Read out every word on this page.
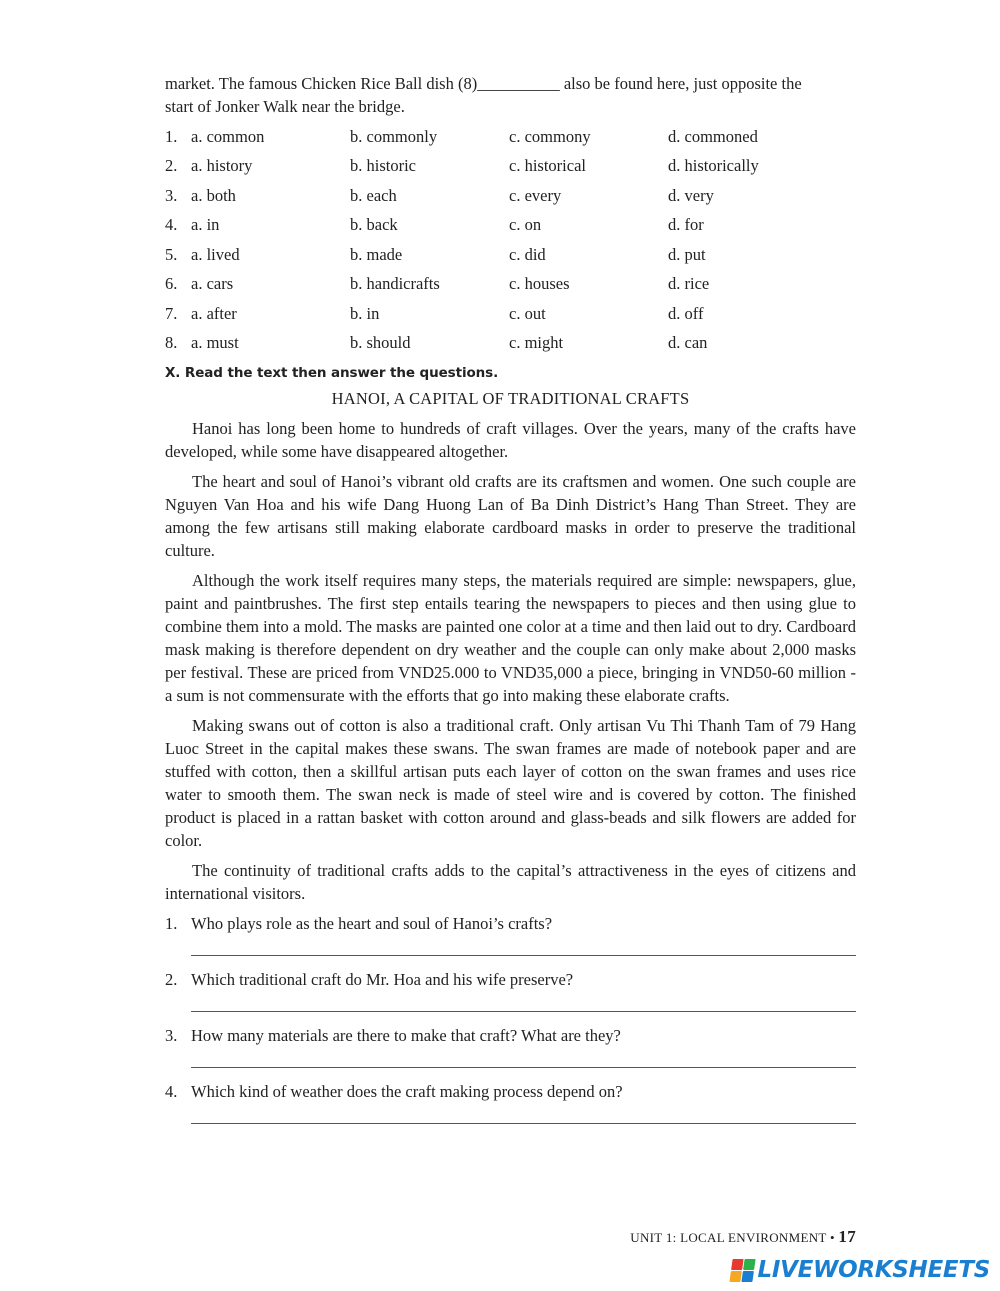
market. The famous Chicken Rice Ball dish (8)__________ also be found here, just opposite the
start of Jonker Walk near the bridge.

1. a. common	b. commonly	c. commony	d. commoned
2. a. history	b. historic	c. historical	d. historically
3. a. both	b. each	c. every	d. very
4. a. in	b. back	c. on	d. for
5. a. lived	b. made	c. did	d. put
6. a. cars	b. handicrafts	c. houses	d. rice
7. a. after	b. in	c. out	d. off
8. a. must	b. should	c. might	d. can
X. Read the text then answer the questions.
HANOI, A CAPITAL OF TRADITIONAL CRAFTS

Hanoi has long been home to hundreds of craft villages. Over the years, many of the crafts have developed, while some have disappeared altogether.

The heart and soul of Hanoi’s vibrant old crafts are its craftsmen and women. One such couple are Nguyen Van Hoa and his wife Dang Huong Lan of Ba Dinh District’s Hang Than Street. They are among the few artisans still making elaborate cardboard masks in order to preserve the traditional culture.

Although the work itself requires many steps, the materials required are simple: newspapers, glue, paint and paintbrushes. The first step entails tearing the newspapers to pieces and then using glue to combine them into a mold. The masks are painted one color at a time and then laid out to dry. Cardboard mask making is therefore dependent on dry weather and the couple can only make about 2,000 masks per festival. These are priced from VND25.000 to VND35,000 a piece, bringing in VND50-60 million - a sum is not commensurate with the efforts that go into making these elaborate crafts.

Making swans out of cotton is also a traditional craft. Only artisan Vu Thi Thanh Tam of 79 Hang Luoc Street in the capital makes these swans. The swan frames are made of notebook paper and are stuffed with cotton, then a skillful artisan puts each layer of cotton on the swan frames and uses rice water to smooth them. The swan neck is made of steel wire and is covered by cotton. The finished product is placed in a rattan basket with cotton around and glass-beads and silk flowers are added for color.

The continuity of traditional crafts adds to the capital’s attractiveness in the eyes of citizens and international visitors.

1. Who plays role as the heart and soul of Hanoi’s crafts?
2. Which traditional craft do Mr. Hoa and his wife preserve?
3. How many materials are there to make that craft? What are they?
4. Which kind of weather does the craft making process depend on?
UNIT 1: LOCAL ENVIRONMENT • 17
LIVEWORKSHEETS
